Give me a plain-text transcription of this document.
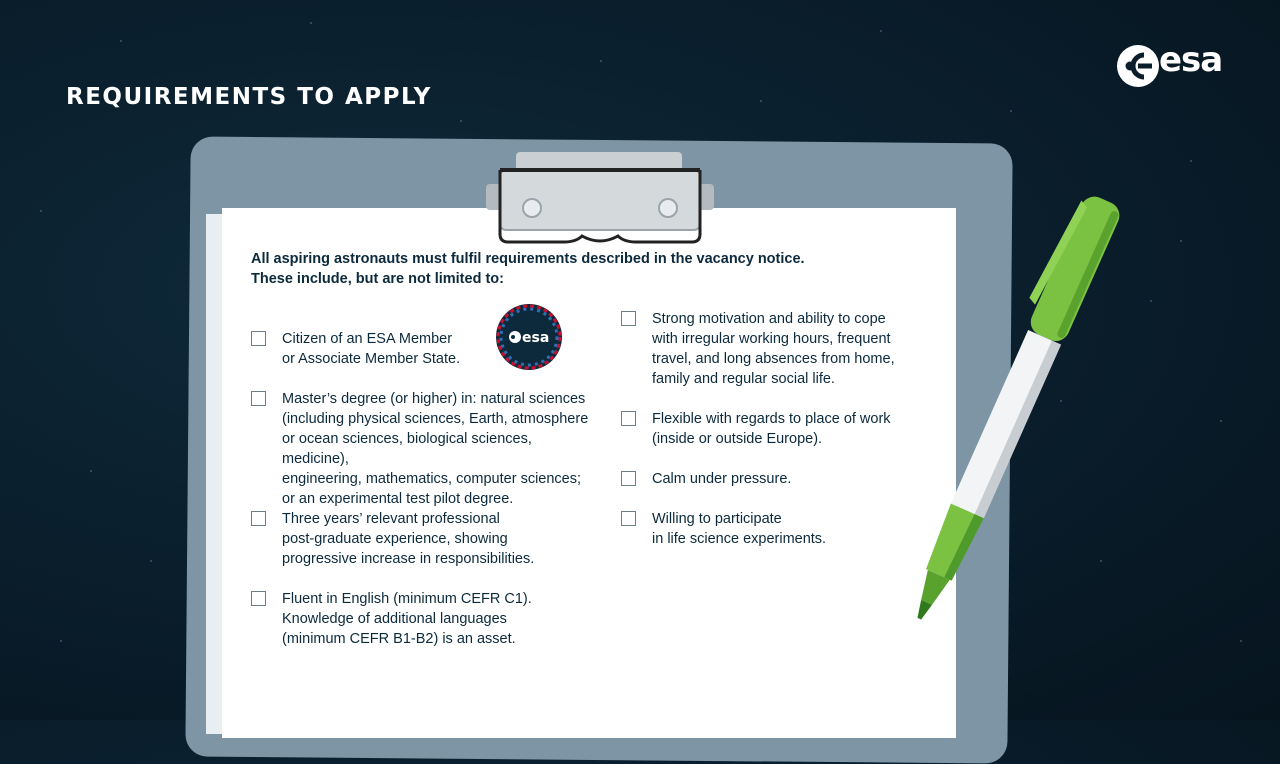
REQUIREMENTS TO APPLY
esa
All aspiring astronauts must fulfil requirements described in the vacancy notice.
These include, but are not limited to:
esa
Citizen of an ESA Member
or Associate Member State.
Master’s degree (or higher) in: natural sciences
(including physical sciences, Earth, atmosphere
or ocean sciences, biological sciences, medicine),
engineering, mathematics, computer sciences;
or an experimental test pilot degree.
Three years’ relevant professional
post-graduate experience, showing
progressive increase in responsibilities.
Fluent in English (minimum CEFR C1).
Knowledge of additional languages
(minimum CEFR B1-B2) is an asset.
Strong motivation and ability to cope
with irregular working hours, frequent
travel, and long absences from home,
family and regular social life.
Flexible with regards to place of work
(inside or outside Europe).
Calm under pressure.
Willing to participate
in life science experiments.
